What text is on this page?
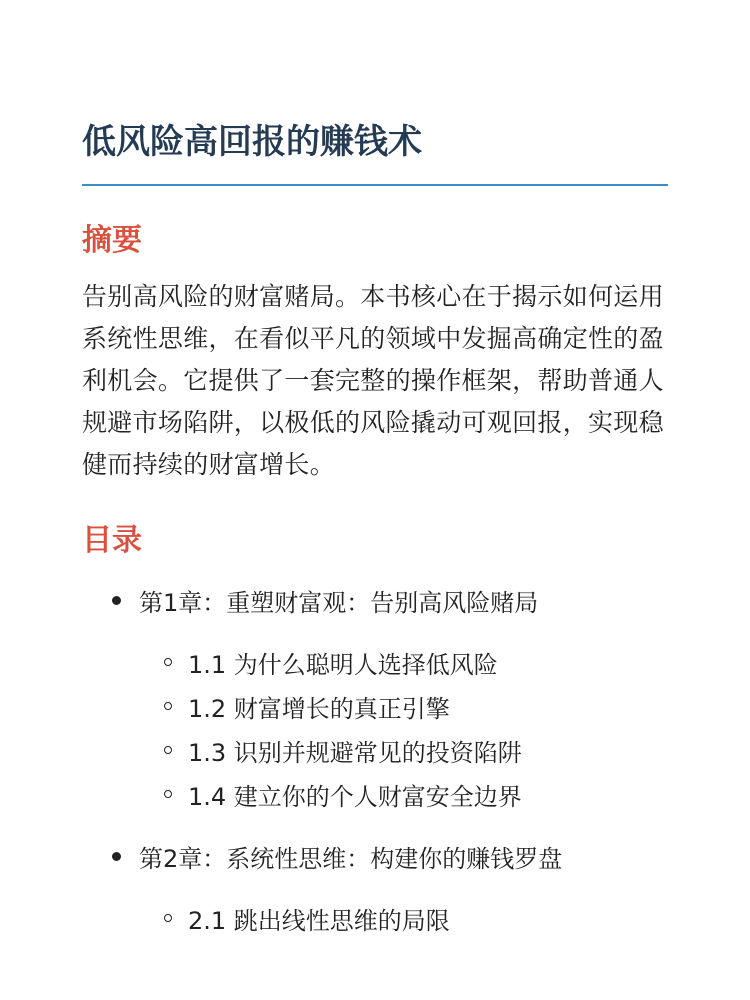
低风险高回报的赚钱术
摘要

告别高风险的财富赌局。本书核心在于揭示如何运用系统性思维，在看似平凡的领域中发掘高确定性的盈利机会。它提供了一套完整的操作框架，帮助普通人规避市场陷阱，以极低的风险撬动可观回报，实现稳健而持续的财富增长。

目录
第1章：重塑财富观：告别高风险赌局
1.1 为什么聪明人选择低风险
1.2 财富增长的真正引擎
1.3 识别并规避常见的投资陷阱
1.4 建立你的个人财富安全边界
第2章：系统性思维：构建你的赚钱罗盘
2.1 跳出线性思维的局限
